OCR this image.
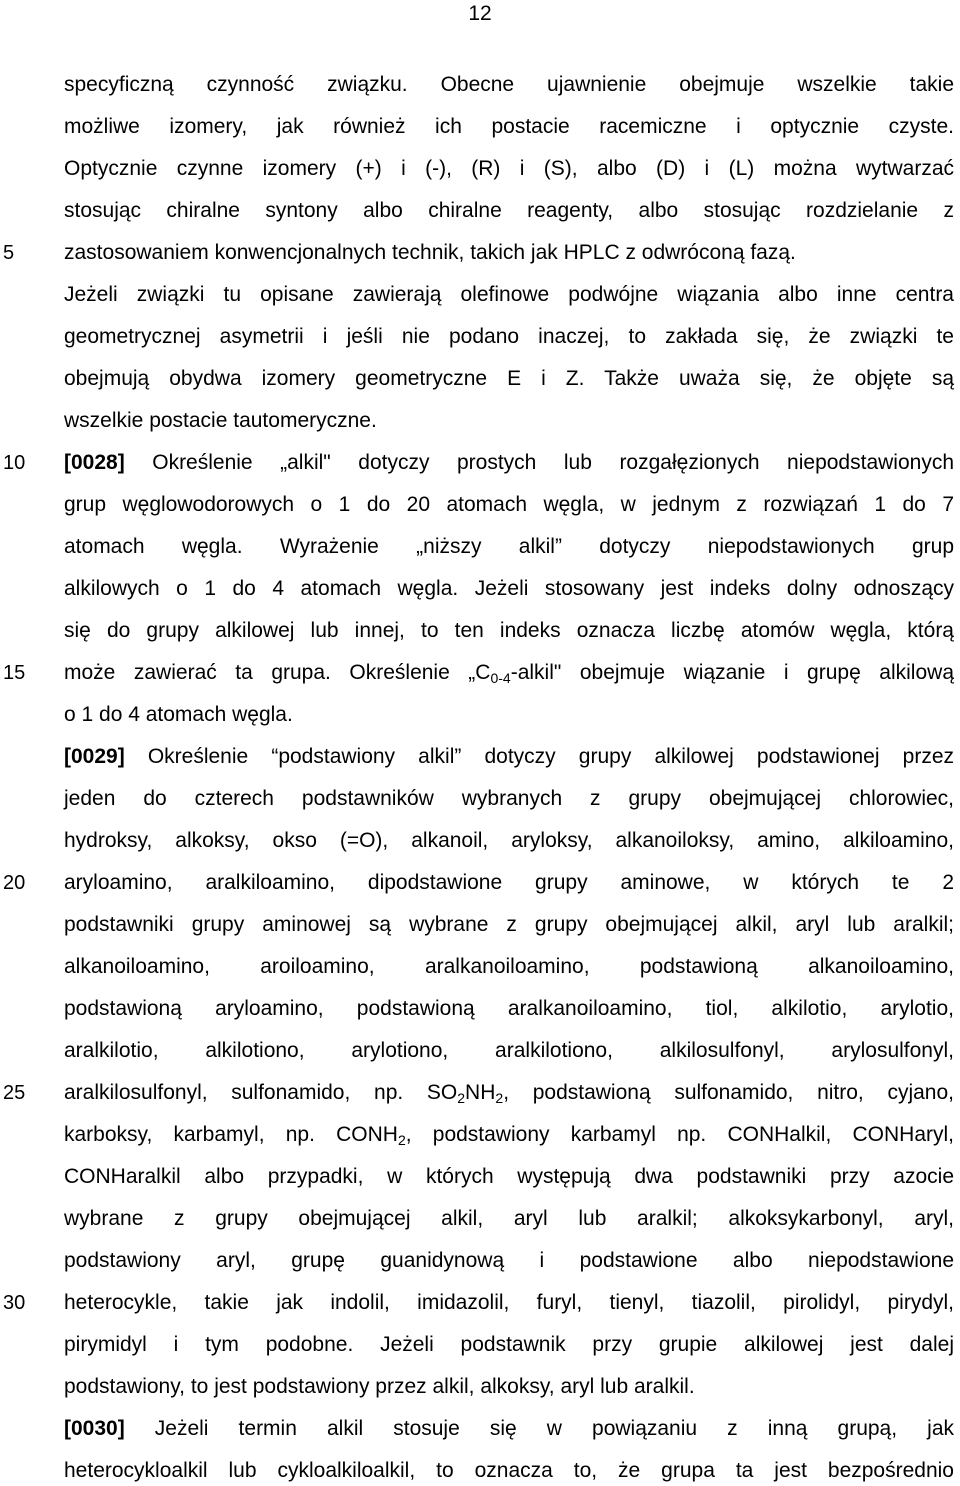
12
5
10
15
20
25
30
specyficzną czynność związku. Obecne ujawnienie obejmuje wszelkie takie
możliwe izomery, jak również ich postacie racemiczne i optycznie czyste.
Optycznie czynne izomery (+) i (-), (R) i (S), albo (D) i (L) można wytwarzać
stosując chiralne syntony albo chiralne reagenty, albo stosując rozdzielanie z
zastosowaniem konwencjonalnych technik, takich jak HPLC z odwróconą fazą.
Jeżeli związki tu opisane zawierają olefinowe podwójne wiązania albo inne centra
geometrycznej asymetrii i jeśli nie podano inaczej, to zakłada się, że związki te
obejmują obydwa izomery geometryczne E i Z. Także uważa się, że objęte są
wszelkie postacie tautomeryczne.
[0028] Określenie „alkil" dotyczy prostych lub rozgałęzionych niepodstawionych
grup węglowodorowych o 1 do 20 atomach węgla, w jednym z rozwiązań 1 do 7
atomach węgla. Wyrażenie „niższy alkil” dotyczy niepodstawionych grup
alkilowych o 1 do 4 atomach węgla. Jeżeli stosowany jest indeks dolny odnoszący
się do grupy alkilowej lub innej, to ten indeks oznacza liczbę atomów węgla, którą
może zawierać ta grupa. Określenie $„C_{0-4}$-alkil" obejmuje wiązanie i grupę alkilową
o 1 do 4 atomach węgla.
[0029] Określenie “podstawiony alkil” dotyczy grupy alkilowej podstawionej przez
jeden do czterech podstawników wybranych z grupy obejmującej chlorowiec,
hydroksy, alkoksy, okso (=O), alkanoil, aryloksy, alkanoiloksy, amino, alkiloamino,
aryloamino, aralkiloamino, dipodstawione grupy aminowe, w których te 2
podstawniki grupy aminowej są wybrane z grupy obejmującej alkil, aryl lub aralkil;
alkanoiloamino, aroiloamino, aralkanoiloamino, podstawioną alkanoiloamino,
podstawioną aryloamino, podstawioną aralkanoiloamino, tiol, alkilotio, arylotio,
aralkilotio, alkilotiono, arylotiono, aralkilotiono, alkilosulfonyl, arylosulfonyl,
aralkilosulfonyl, sulfonamido, np. $SO_2NH_2$, podstawioną sulfonamido, nitro, cyjano,
karboksy, karbamyl, np. $CONH_2$, podstawiony karbamyl np. CONHalkil, CONHaryl,
CONHaralkil albo przypadki, w których występują dwa podstawniki przy azocie
wybrane z grupy obejmującej alkil, aryl lub aralkil; alkoksykarbonyl, aryl,
podstawiony aryl, grupę guanidynową i podstawione albo niepodstawione
heterocykle, takie jak indolil, imidazolil, furyl, tienyl, tiazolil, pirolidyl, pirydyl,
pirymidyl i tym podobne. Jeżeli podstawnik przy grupie alkilowej jest dalej
podstawiony, to jest podstawiony przez alkil, alkoksy, aryl lub aralkil.
[0030] Jeżeli termin alkil stosuje się w powiązaniu z inną grupą, jak
heterocykloalkil lub cykloalkiloalkil, to oznacza to, że grupa ta jest bezpośrednio
